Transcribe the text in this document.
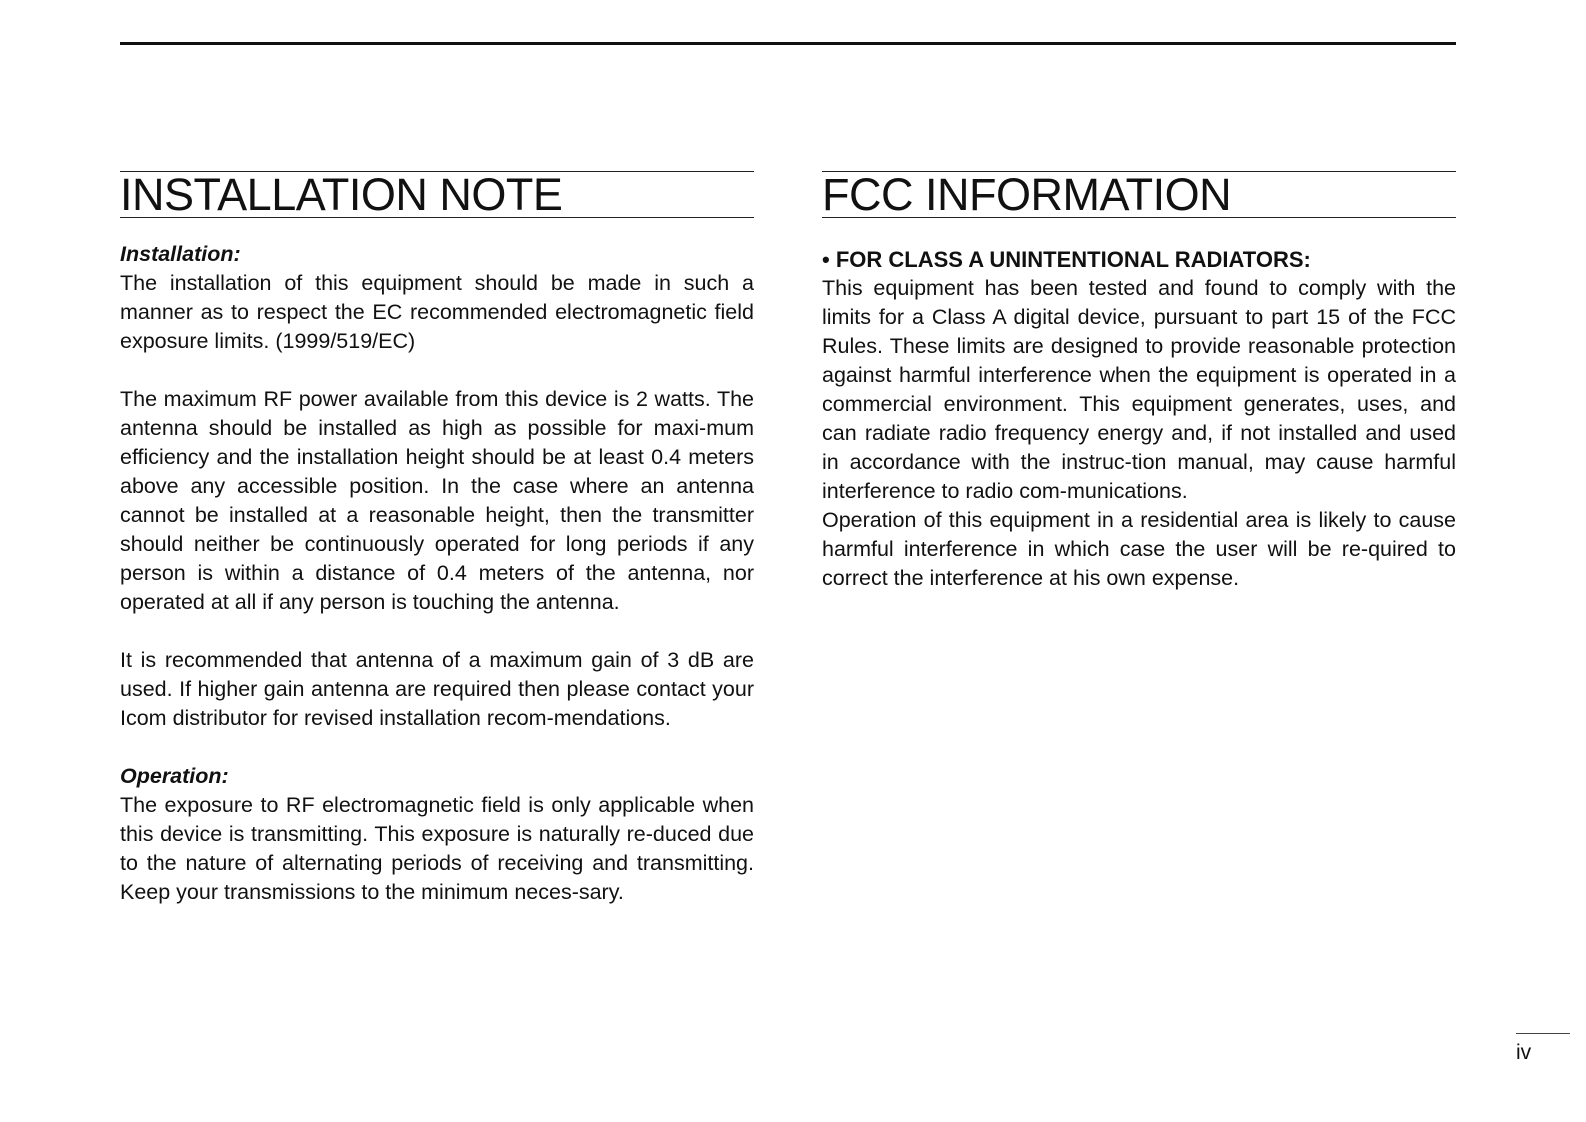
INSTALLATION NOTE

Installation:

The installation of this equipment should be made in such a manner as to respect the EC recommended electromagnetic field exposure limits. (1999/519/EC)

The maximum RF power available from this device is 2 watts. The antenna should be installed as high as possible for maxi-mum efficiency and the installation height should be at least 0.4 meters above any accessible position. In the case where an antenna cannot be installed at a reasonable height, then the transmitter should neither be continuously operated for long periods if any person is within a distance of 0.4 meters of the antenna, nor operated at all if any person is touching the antenna.

It is recommended that antenna of a maximum gain of 3 dB are used. If higher gain antenna are required then please contact your Icom distributor for revised installation recom-mendations.

Operation:

The exposure to RF electromagnetic field is only applicable when this device is transmitting. This exposure is naturally re-duced due to the nature of alternating periods of receiving and transmitting. Keep your transmissions to the minimum neces-sary.

FCC INFORMATION

• FOR CLASS A UNINTENTIONAL RADIATORS:

This equipment has been tested and found to comply with the limits for a Class A digital device, pursuant to part 15 of the FCC Rules. These limits are designed to provide reasonable protection against harmful interference when the equipment is operated in a commercial environment. This equipment generates, uses, and can radiate radio frequency energy and, if not installed and used in accordance with the instruc-tion manual, may cause harmful interference to radio com-munications.

Operation of this equipment in a residential area is likely to cause harmful interference in which case the user will be re-quired to correct the interference at his own expense.

iv
